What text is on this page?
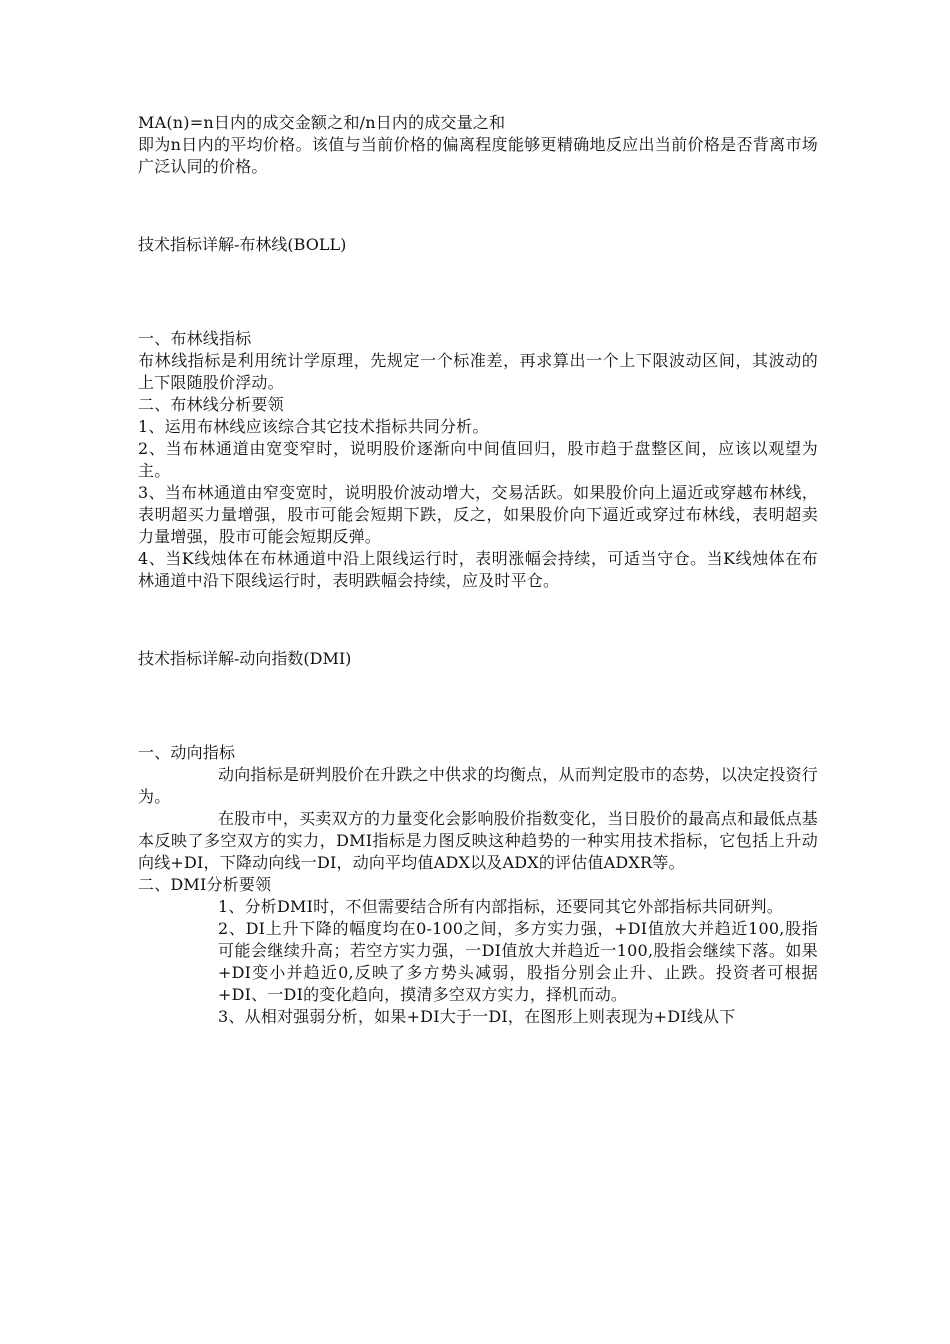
MA(n)=n日内的成交金额之和/n日内的成交量之和
即为n日内的平均价格。该值与当前价格的偏离程度能够更精确地反应出当前价格是否背离市场广泛认同的价格。
技术指标详解-布林线(BOLL)
一、布林线指标
布林线指标是利用统计学原理，先规定一个标准差，再求算出一个上下限波动区间，其波动的上下限随股价浮动。
二、布林线分析要领
1、运用布林线应该综合其它技术指标共同分析。
2、当布林通道由宽变窄时，说明股价逐渐向中间值回归，股市趋于盘整区间，应该以观望为主。
3、当布林通道由窄变宽时，说明股价波动增大，交易活跃。如果股价向上逼近或穿越布林线，表明超买力量增强，股市可能会短期下跌，反之，如果股价向下逼近或穿过布林线，表明超卖力量增强，股市可能会短期反弹。
4、当K线烛体在布林通道中沿上限线运行时，表明涨幅会持续，可适当守仓。当K线烛体在布林通道中沿下限线运行时，表明跌幅会持续，应及时平仓。
技术指标详解-动向指数(DMI)
一、动向指标
动向指标是研判股价在升跌之中供求的均衡点，从而判定股市的态势，以决定投资行为。
在股市中，买卖双方的力量变化会影响股价指数变化，当日股价的最高点和最低点基本反映了多空双方的实力，DMI指标是力图反映这种趋势的一种实用技术指标，它包括上升动向线+DI，下降动向线一DI，动向平均值ADX以及ADX的评估值ADXR等。
二、DMI分析要领
1、分析DMI时，不但需要结合所有内部指标，还要同其它外部指标共同研判。
2、DI上升下降的幅度均在0-100之间，多方实力强，+DI值放大并趋近100,股指可能会继续升高；若空方实力强，一DI值放大并趋近一100,股指会继续下落。如果+DI变小并趋近0,反映了多方势头减弱，股指分别会止升、止跌。投资者可根据+DI、一DI的变化趋向，摸清多空双方实力，择机而动。
3、从相对强弱分析，如果+DI大于一DI，在图形上则表现为+DI线从下
